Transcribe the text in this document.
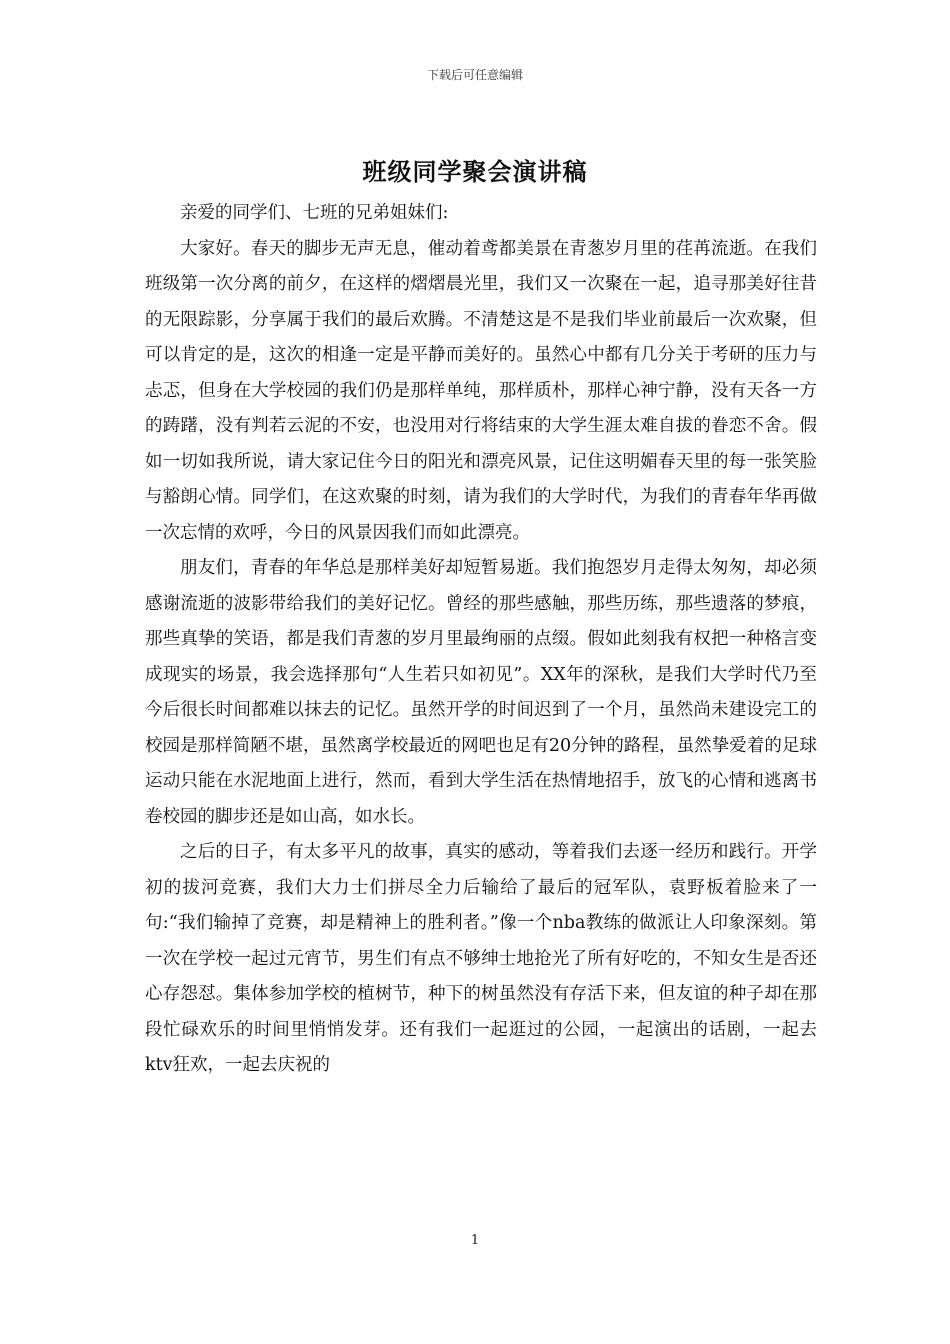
下载后可任意编辑
班级同学聚会演讲稿

亲爱的同学们、七班的兄弟姐妹们:

大家好。春天的脚步无声无息，催动着鸢都美景在青葱岁月里的荏苒流逝。在我们班级第一次分离的前夕，在这样的熠熠晨光里，我们又一次聚在一起，追寻那美好往昔的无限踪影，分享属于我们的最后欢腾。不清楚这是不是我们毕业前最后一次欢聚，但可以肯定的是，这次的相逢一定是平静而美好的。虽然心中都有几分关于考研的压力与忐忑，但身在大学校园的我们仍是那样单纯，那样质朴，那样心神宁静，没有天各一方的踌躇，没有判若云泥的不安，也没用对行将结束的大学生涯太难自拔的眷恋不舍。假如一切如我所说，请大家记住今日的阳光和漂亮风景，记住这明媚春天里的每一张笑脸与豁朗心情。同学们，在这欢聚的时刻，请为我们的大学时代，为我们的青春年华再做一次忘情的欢呼，今日的风景因我们而如此漂亮。

朋友们，青春的年华总是那样美好却短暂易逝。我们抱怨岁月走得太匆匆，却必须感谢流逝的波影带给我们的美好记忆。曾经的那些感触，那些历练，那些遗落的梦痕，那些真挚的笑语，都是我们青葱的岁月里最绚丽的点缀。假如此刻我有权把一种格言变成现实的场景，我会选择那句“人生若只如初见”。XX年的深秋，是我们大学时代乃至今后很长时间都难以抹去的记忆。虽然开学的时间迟到了一个月，虽然尚未建设完工的校园是那样简陋不堪，虽然离学校最近的网吧也足有20分钟的路程，虽然挚爱着的足球运动只能在水泥地面上进行，然而，看到大学生活在热情地招手，放飞的心情和逃离书卷校园的脚步还是如山高，如水长。

之后的日子，有太多平凡的故事，真实的感动，等着我们去逐一经历和践行。开学初的拔河竞赛，我们大力士们拼尽全力后输给了最后的冠军队，袁野板着脸来了一句:“我们输掉了竞赛，却是精神上的胜利者。”像一个nba教练的做派让人印象深刻。第一次在学校一起过元宵节，男生们有点不够绅士地抢光了所有好吃的，不知女生是否还心存怨怼。集体参加学校的植树节，种下的树虽然没有存活下来，但友谊的种子却在那段忙碌欢乐的时间里悄悄发芽。还有我们一起逛过的公园，一起演出的话剧，一起去ktv狂欢，一起去庆祝的

1
